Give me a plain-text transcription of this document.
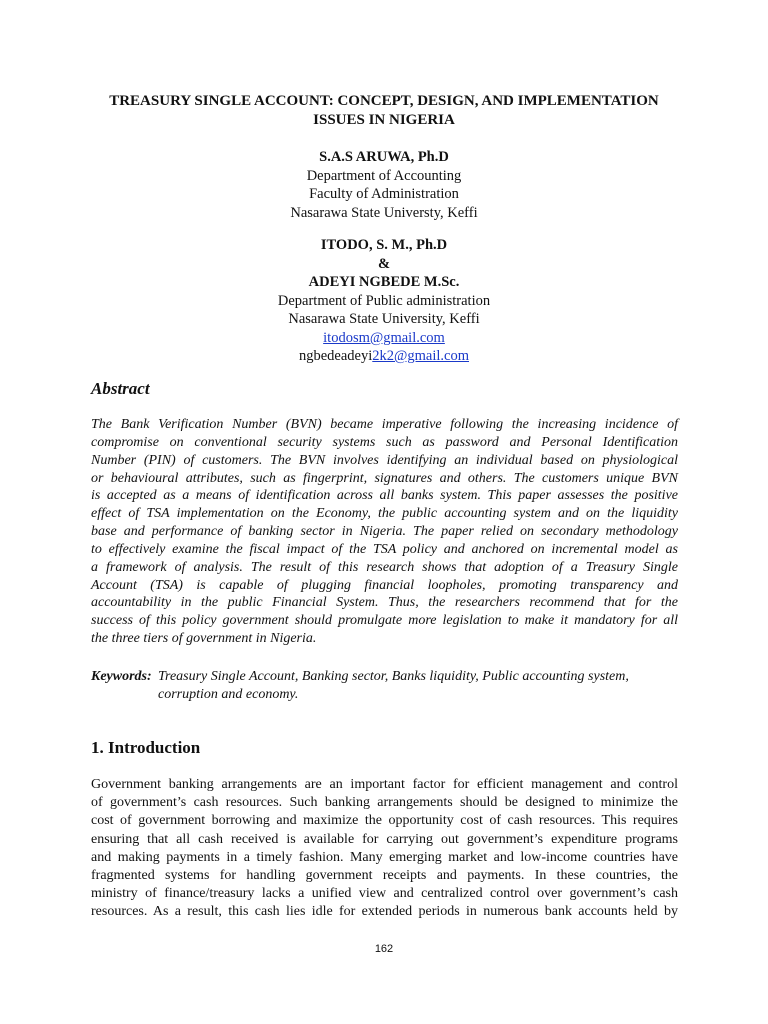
TREASURY SINGLE ACCOUNT: CONCEPT, DESIGN, AND IMPLEMENTATION
ISSUES IN NIGERIA
S.A.S ARUWA, Ph.D
Department of Accounting
Faculty of Administration
Nasarawa State Universty, Keffi
ITODO, S. M., Ph.D
&
ADEYI NGBEDE M.Sc.
Department of Public administration
Nasarawa State University, Keffi
itodosm@gmail.com
ngbedeadeyi2k2@gmail.com
Abstract
The Bank Verification Number (BVN) became imperative following the increasing incidence of
compromise on conventional security systems such as password and Personal Identification
Number (PIN) of customers. The BVN involves identifying an individual based on physiological
or behavioural attributes, such as fingerprint, signatures and others. The customers unique BVN
is accepted as a means of identification across all banks system. This paper assesses the positive
effect of TSA implementation on the Economy, the public accounting system and on the liquidity
base and performance of banking sector in Nigeria. The paper relied on secondary methodology
to effectively examine the fiscal impact of the TSA policy and anchored on incremental model as
a framework of analysis. The result of this research shows that adoption of a Treasury Single
Account (TSA) is capable of plugging financial loopholes, promoting transparency and
accountability in the public Financial System. Thus, the researchers recommend that for the
success of this policy government should promulgate more legislation to make it mandatory for all
the three tiers of government in Nigeria.
Keywords: Treasury Single Account, Banking sector, Banks liquidity, Public accounting system,
corruption and economy.
1. Introduction
Government banking arrangements are an important factor for efficient management and control
of government’s cash resources. Such banking arrangements should be designed to minimize the
cost of government borrowing and maximize the opportunity cost of cash resources. This requires
ensuring that all cash received is available for carrying out government’s expenditure programs
and making payments in a timely fashion. Many emerging market and low-income countries have
fragmented systems for handling government receipts and payments. In these countries, the
ministry of finance/treasury lacks a unified view and centralized control over government’s cash
resources. As a result, this cash lies idle for extended periods in numerous bank accounts held by
162
